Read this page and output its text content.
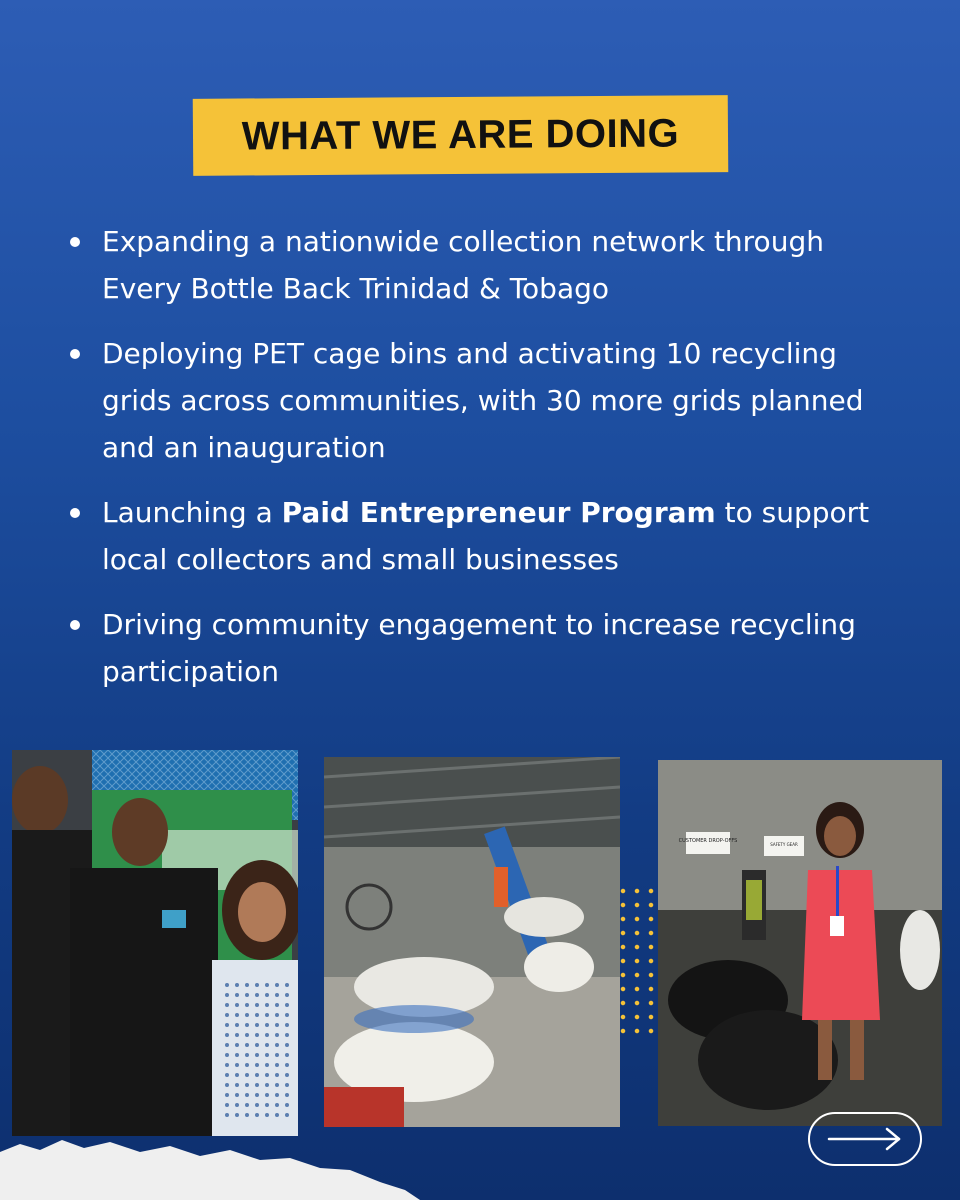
WHAT WE ARE DOING
Expanding a nationwide collection network through Every Bottle Back Trinidad & Tobago
Deploying PET cage bins and activating 10 recycling grids across communities, with 30 more grids planned and an inauguration
Launching a Paid Entrepreneur Program to support local collectors and small businesses
Driving community engagement to increase recycling participation
CUSTOMER DROP-OFFS
SAFETY GEAR
